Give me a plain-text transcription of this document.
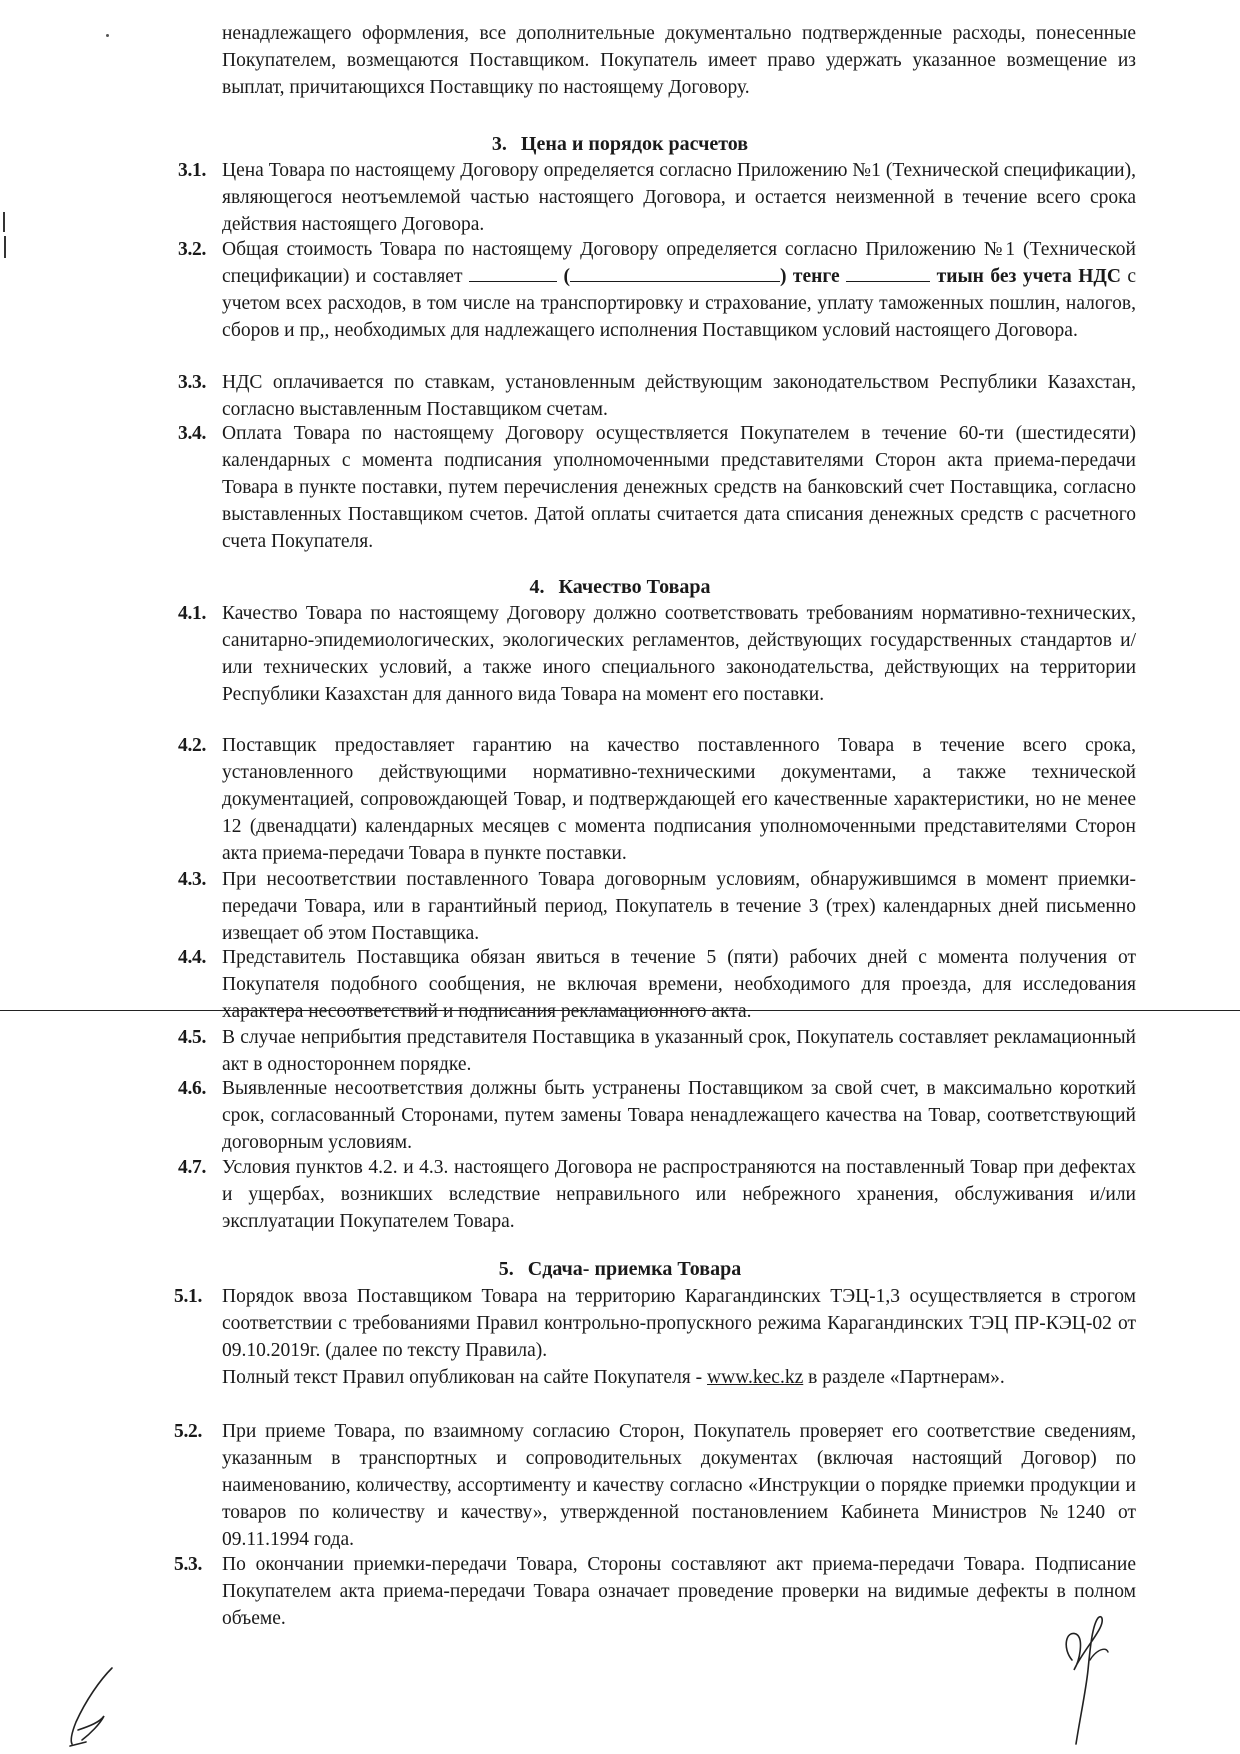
ненадлежащего оформления, все дополнительные документально подтвержденные расходы, понесенные Покупателем, возмещаются Поставщиком. Покупатель имеет право удержать указанное возмещение из выплат, причитающихся Поставщику по настоящему Договору.
3. Цена и порядок расчетов
3.1. Цена Товара по настоящему Договору определяется согласно Приложению №1 (Технической спецификации), являющегося неотъемлемой частью настоящего Договора, и остается неизменной в течение всего срока действия настоящего Договора.
3.2. Общая стоимость Товара по настоящему Договору определяется согласно Приложению №1 (Технической спецификации) и составляет	(	) тенге	тиын без учета НДС с учетом всех расходов, в том числе на транспортировку и страхование, уплату таможенных пошлин, налогов, сборов и пр,, необходимых для надлежащего исполнения Поставщиком условий настоящего Договора.
3.3. НДС оплачивается по ставкам, установленным действующим законодательством Республики Казахстан, согласно выставленным Поставщиком счетам.
3.4. Оплата Товара по настоящему Договору осуществляется Покупателем в течение 60-ти (шестидесяти) календарных с момента подписания уполномоченными представителями Сторон акта приема-передачи Товара в пункте поставки, путем перечисления денежных средств на банковский счет Поставщика, согласно выставленных Поставщиком счетов. Датой оплаты считается дата списания денежных средств с расчетного счета Покупателя.
4. Качество Товара
4.1. Качество Товара по настоящему Договору должно соответствовать требованиям нормативно-технических, санитарно-эпидемиологических, экологических регламентов, действующих государственных стандартов и/или технических условий, а также иного специального законодательства, действующих на территории Республики Казахстан для данного вида Товара на момент его поставки.
4.2. Поставщик предоставляет гарантию на качество поставленного Товара в течение всего срока, установленного действующими нормативно-техническими документами, а также технической документацией, сопровождающей Товар, и подтверждающей его качественные характеристики, но не менее 12 (двенадцати) календарных месяцев с момента подписания уполномоченными представителями Сторон акта приема-передачи Товара в пункте поставки.
4.3. При несоответствии поставленного Товара договорным условиям, обнаружившимся в момент приемки-передачи Товара, или в гарантийный период, Покупатель в течение 3 (трех) календарных дней письменно извещает об этом Поставщика.
4.4. Представитель Поставщика обязан явиться в течение 5 (пяти) рабочих дней с момента получения от Покупателя подобного сообщения, не включая времени, необходимого для проезда, для исследования характера несоответствий и подписания рекламационного акта.
4.5. В случае неприбытия представителя Поставщика в указанный срок, Покупатель составляет рекламационный акт в одностороннем порядке.
4.6. Выявленные несоответствия должны быть устранены Поставщиком за свой счет, в максимально короткий срок, согласованный Сторонами, путем замены Товара ненадлежащего качества на Товар, соответствующий договорным условиям.
4.7. Условия пунктов 4.2. и 4.3. настоящего Договора не распространяются на поставленный Товар при дефектах и ущербах, возникших вследствие неправильного или небрежного хранения, обслуживания и/или эксплуатации Покупателем Товара.
5. Сдача- приемка Товара
5.1. Порядок ввоза Поставщиком Товара на территорию Карагандинских ТЭЦ-1,3 осуществляется в строгом соответствии с требованиями Правил контрольно-пропускного режима Карагандинских ТЭЦ ПР-КЭЦ-02 от 09.10.2019г. (далее по тексту Правила).
Полный текст Правил опубликован на сайте Покупателя - www.kec.kz в разделе «Партнерам».
5.2. При приеме Товара, по взаимному согласию Сторон, Покупатель проверяет его соответствие сведениям, указанным в транспортных и сопроводительных документах (включая настоящий Договор) по наименованию, количеству, ассортименту и качеству согласно «Инструкции о порядке приемки продукции и товаров по количеству и качеству», утвержденной постановлением Кабинета Министров №1240 от 09.11.1994 года.
5.3. По окончании приемки-передачи Товара, Стороны составляют акт приема-передачи Товара. Подписание Покупателем акта приема-передачи Товара означает проведение проверки на видимые дефекты в полном объеме.
